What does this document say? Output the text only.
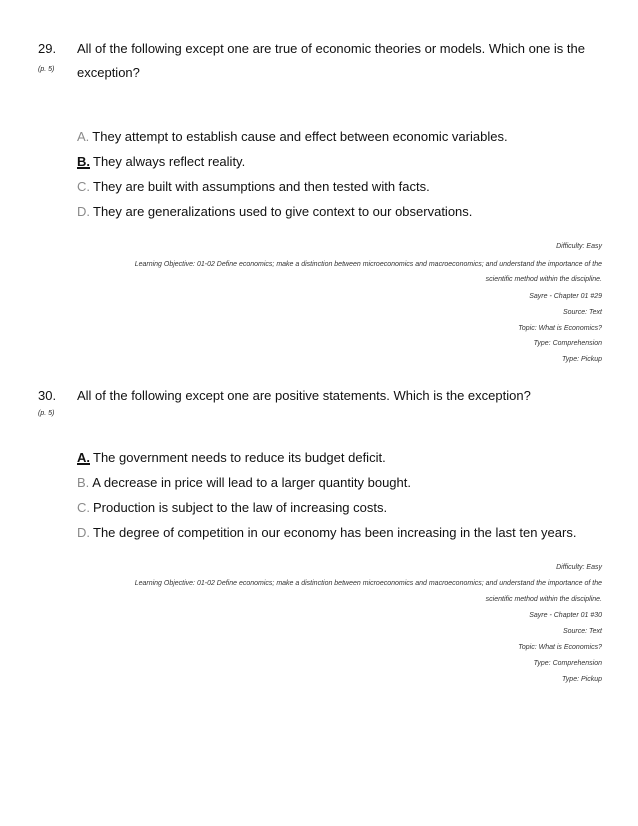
29.
(p. 5)
All of the following except one are true of economic theories or models. Which one is the
exception?
A. They attempt to establish cause and effect between economic variables.
B. They always reflect reality.
C. They are built with assumptions and then tested with facts.
D. They are generalizations used to give context to our observations.
Difficulty: Easy
Learning Objective: 01-02 Define economics; make a distinction between microeconomics and macroeconomics; and understand the importance of the
scientific method within the discipline.
Sayre - Chapter 01 #29
Source: Text
Topic: What is Economics?
Type: Comprehension
Type: Pickup
30.
(p. 5)
All of the following except one are positive statements. Which is the exception?
A. The government needs to reduce its budget deficit.
B. A decrease in price will lead to a larger quantity bought.
C. Production is subject to the law of increasing costs.
D. The degree of competition in our economy has been increasing in the last ten years.
Difficulty: Easy
Learning Objective: 01-02 Define economics; make a distinction between microeconomics and macroeconomics; and understand the importance of the
scientific method within the discipline.
Sayre - Chapter 01 #30
Source: Text
Topic: What is Economics?
Type: Comprehension
Type: Pickup
